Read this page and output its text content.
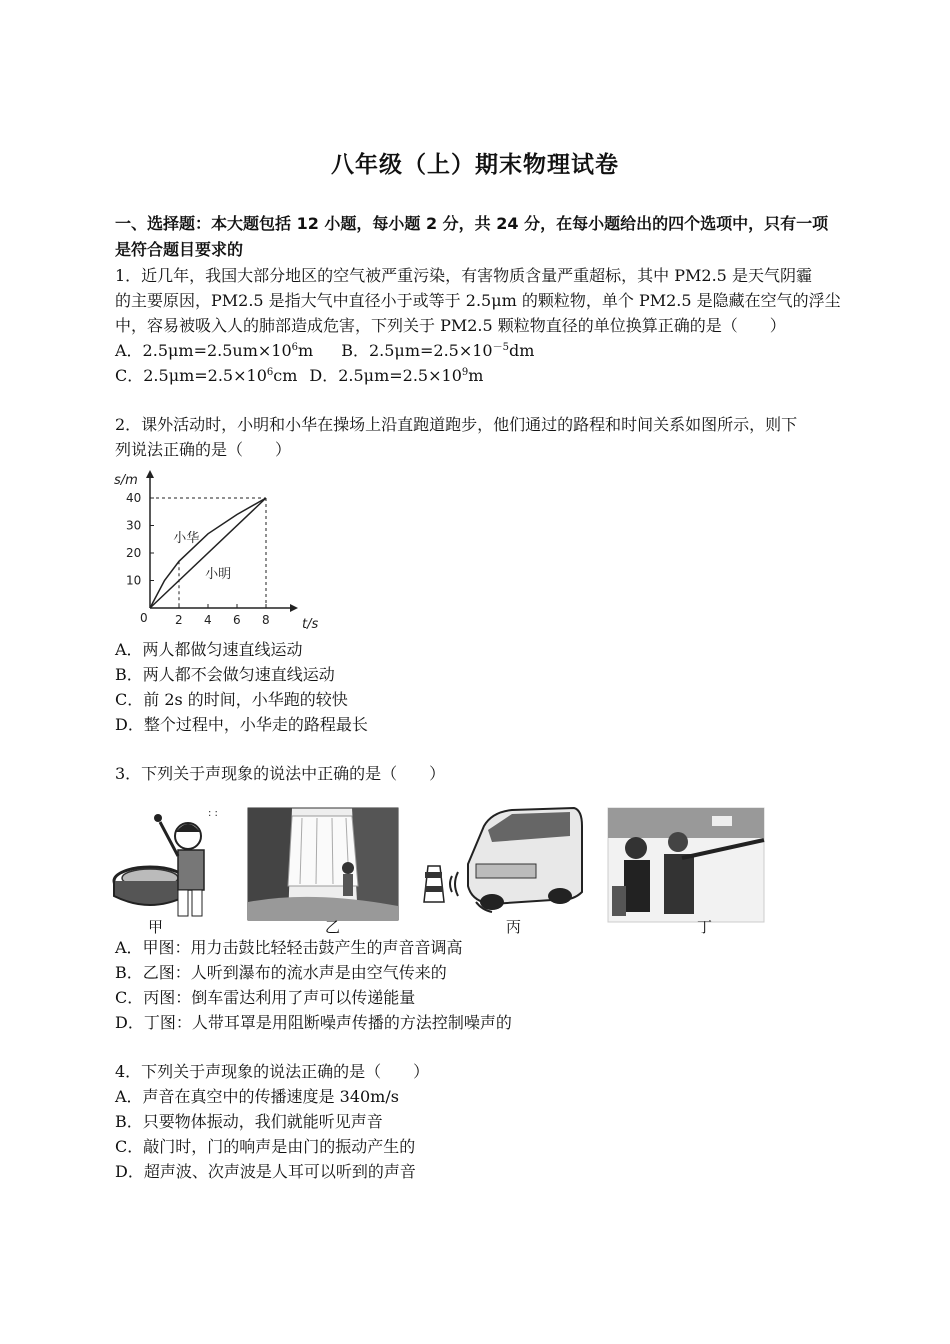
八年级（上）期末物理试卷
一、选择题：本大题包括 12 小题，每小题 2 分，共 24 分，在每小题给出的四个选项中，只有一项
是符合题目要求的
1．近几年，我国大部分地区的空气被严重污染，有害物质含量严重超标，其中 PM2.5 是天气阴霾
的主要原因，PM2.5 是指大气中直径小于或等于 2.5μm 的颗粒物，单个 PM2.5 是隐藏在空气的浮尘
中，容易被吸入人的肺部造成危害，下列关于 PM2.5 颗粒物直径的单位换算正确的是（　　）
A．$2.5\mu m=2.5um\times 10^6m$ B．$2.5\mu m=2.5\times 10^{-5}dm$
C．$2.5\mu m=2.5\times 10^6cm$ D．$2.5\mu m=2.5\times 10^9m$
2．课外活动时，小明和小华在操场上沿直跑道跑步，他们通过的路程和时间关系如图所示，则下
列说法正确的是（　　）
t/s
s/m
0
10
20
30
40
2 4 6 8
小华
小明
A．两人都做匀速直线运动
B．两人都不会做匀速直线运动
C．前 2s 的时间，小华跑的较快
D．整个过程中，小华走的路程最长
3．下列关于声现象的说法中正确的是（　　）
: :
甲	乙	丙	丁
A．甲图：用力击鼓比轻轻击鼓产生的声音音调高
B．乙图：人听到瀑布的流水声是由空气传来的
C．丙图：倒车雷达利用了声可以传递能量
D．丁图：人带耳罩是用阻断噪声传播的方法控制噪声的
4．下列关于声现象的说法正确的是（　　）
A．声音在真空中的传播速度是 340m/s
B．只要物体振动，我们就能听见声音
C．敲门时，门的响声是由门的振动产生的
D．超声波、次声波是人耳可以听到的声音
